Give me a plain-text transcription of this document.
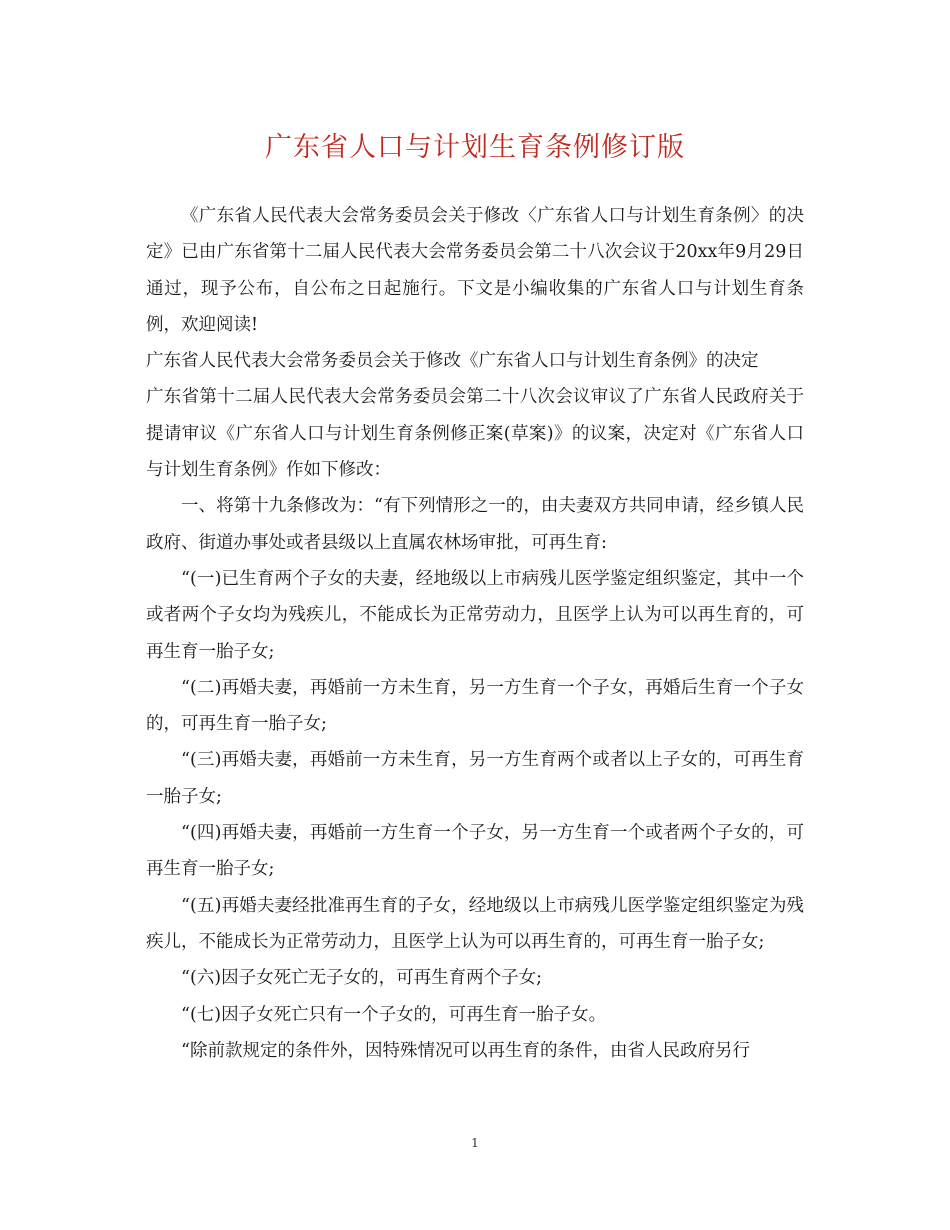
广东省人口与计划生育条例修订版

《广东省人民代表大会常务委员会关于修改〈广东省人口与计划生育条例〉的决定》已由广东省第十二届人民代表大会常务委员会第二十八次会议于20xx年9月29日通过，现予公布，自公布之日起施行。下文是小编收集的广东省人口与计划生育条例，欢迎阅读!

广东省人民代表大会常务委员会关于修改《广东省人口与计划生育条例》的决定

广东省第十二届人民代表大会常务委员会第二十八次会议审议了广东省人民政府关于提请审议《广东省人口与计划生育条例修正案(草案)》的议案，决定对《广东省人口与计划生育条例》作如下修改：

一、将第十九条修改为：“有下列情形之一的，由夫妻双方共同申请，经乡镇人民政府、街道办事处或者县级以上直属农林场审批，可再生育:

“(一)已生育两个子女的夫妻，经地级以上市病残儿医学鉴定组织鉴定，其中一个或者两个子女均为残疾儿，不能成长为正常劳动力，且医学上认为可以再生育的，可再生育一胎子女;

“(二)再婚夫妻，再婚前一方未生育，另一方生育一个子女，再婚后生育一个子女的，可再生育一胎子女;

“(三)再婚夫妻，再婚前一方未生育，另一方生育两个或者以上子女的，可再生育一胎子女;

“(四)再婚夫妻，再婚前一方生育一个子女，另一方生育一个或者两个子女的，可再生育一胎子女;

“(五)再婚夫妻经批准再生育的子女，经地级以上市病残儿医学鉴定组织鉴定为残疾儿，不能成长为正常劳动力，且医学上认为可以再生育的，可再生育一胎子女;

“(六)因子女死亡无子女的，可再生育两个子女;

“(七)因子女死亡只有一个子女的，可再生育一胎子女。

“除前款规定的条件外，因特殊情况可以再生育的条件，由省人民政府另行

1
